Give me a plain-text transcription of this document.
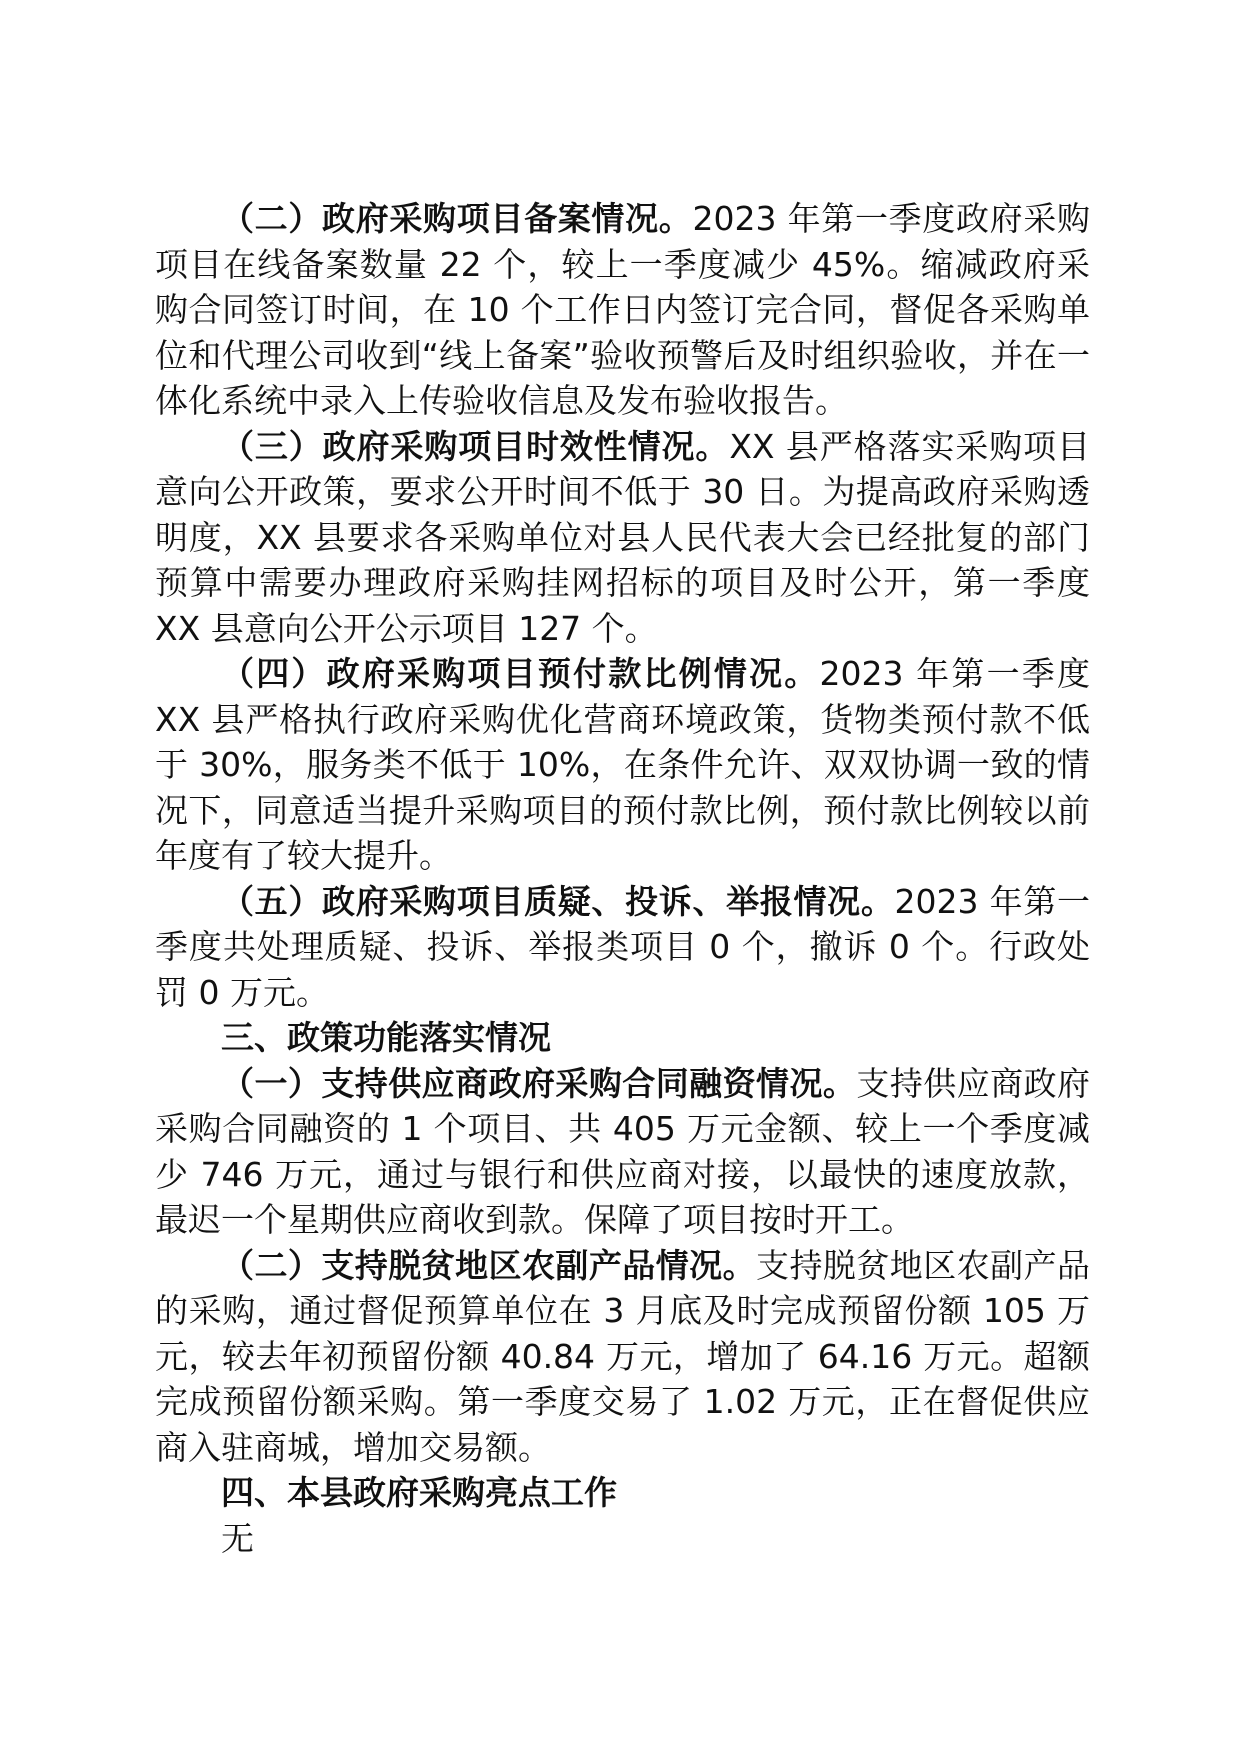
（二）政府采购项目备案情况。2023 年第一季度政府采购项目在线备案数量 22 个，较上一季度减少 45%。缩减政府采购合同签订时间，在 10 个工作日内签订完合同，督促各采购单位和代理公司收到“线上备案”验收预警后及时组织验收，并在一体化系统中录入上传验收信息及发布验收报告。

（三）政府采购项目时效性情况。XX 县严格落实采购项目意向公开政策，要求公开时间不低于 30 日。为提高政府采购透明度，XX 县要求各采购单位对县人民代表大会已经批复的部门预算中需要办理政府采购挂网招标的项目及时公开，第一季度 XX 县意向公开公示项目 127 个。

（四）政府采购项目预付款比例情况。2023 年第一季度 XX 县严格执行政府采购优化营商环境政策，货物类预付款不低于 30%，服务类不低于 10%，在条件允许、双双协调一致的情况下，同意适当提升采购项目的预付款比例，预付款比例较以前年度有了较大提升。

（五）政府采购项目质疑、投诉、举报情况。2023 年第一季度共处理质疑、投诉、举报类项目 0 个，撤诉 0 个。行政处罚 0 万元。

三、政策功能落实情况

（一）支持供应商政府采购合同融资情况。支持供应商政府采购合同融资的 1 个项目、共 405 万元金额、较上一个季度减少 746 万元，通过与银行和供应商对接，以最快的速度放款，最迟一个星期供应商收到款。保障了项目按时开工。

（二）支持脱贫地区农副产品情况。支持脱贫地区农副产品的采购，通过督促预算单位在 3 月底及时完成预留份额 105 万元，较去年初预留份额 40.84 万元，增加了 64.16 万元。超额完成预留份额采购。第一季度交易了 1.02 万元，正在督促供应商入驻商城，增加交易额。

四、本县政府采购亮点工作

无
